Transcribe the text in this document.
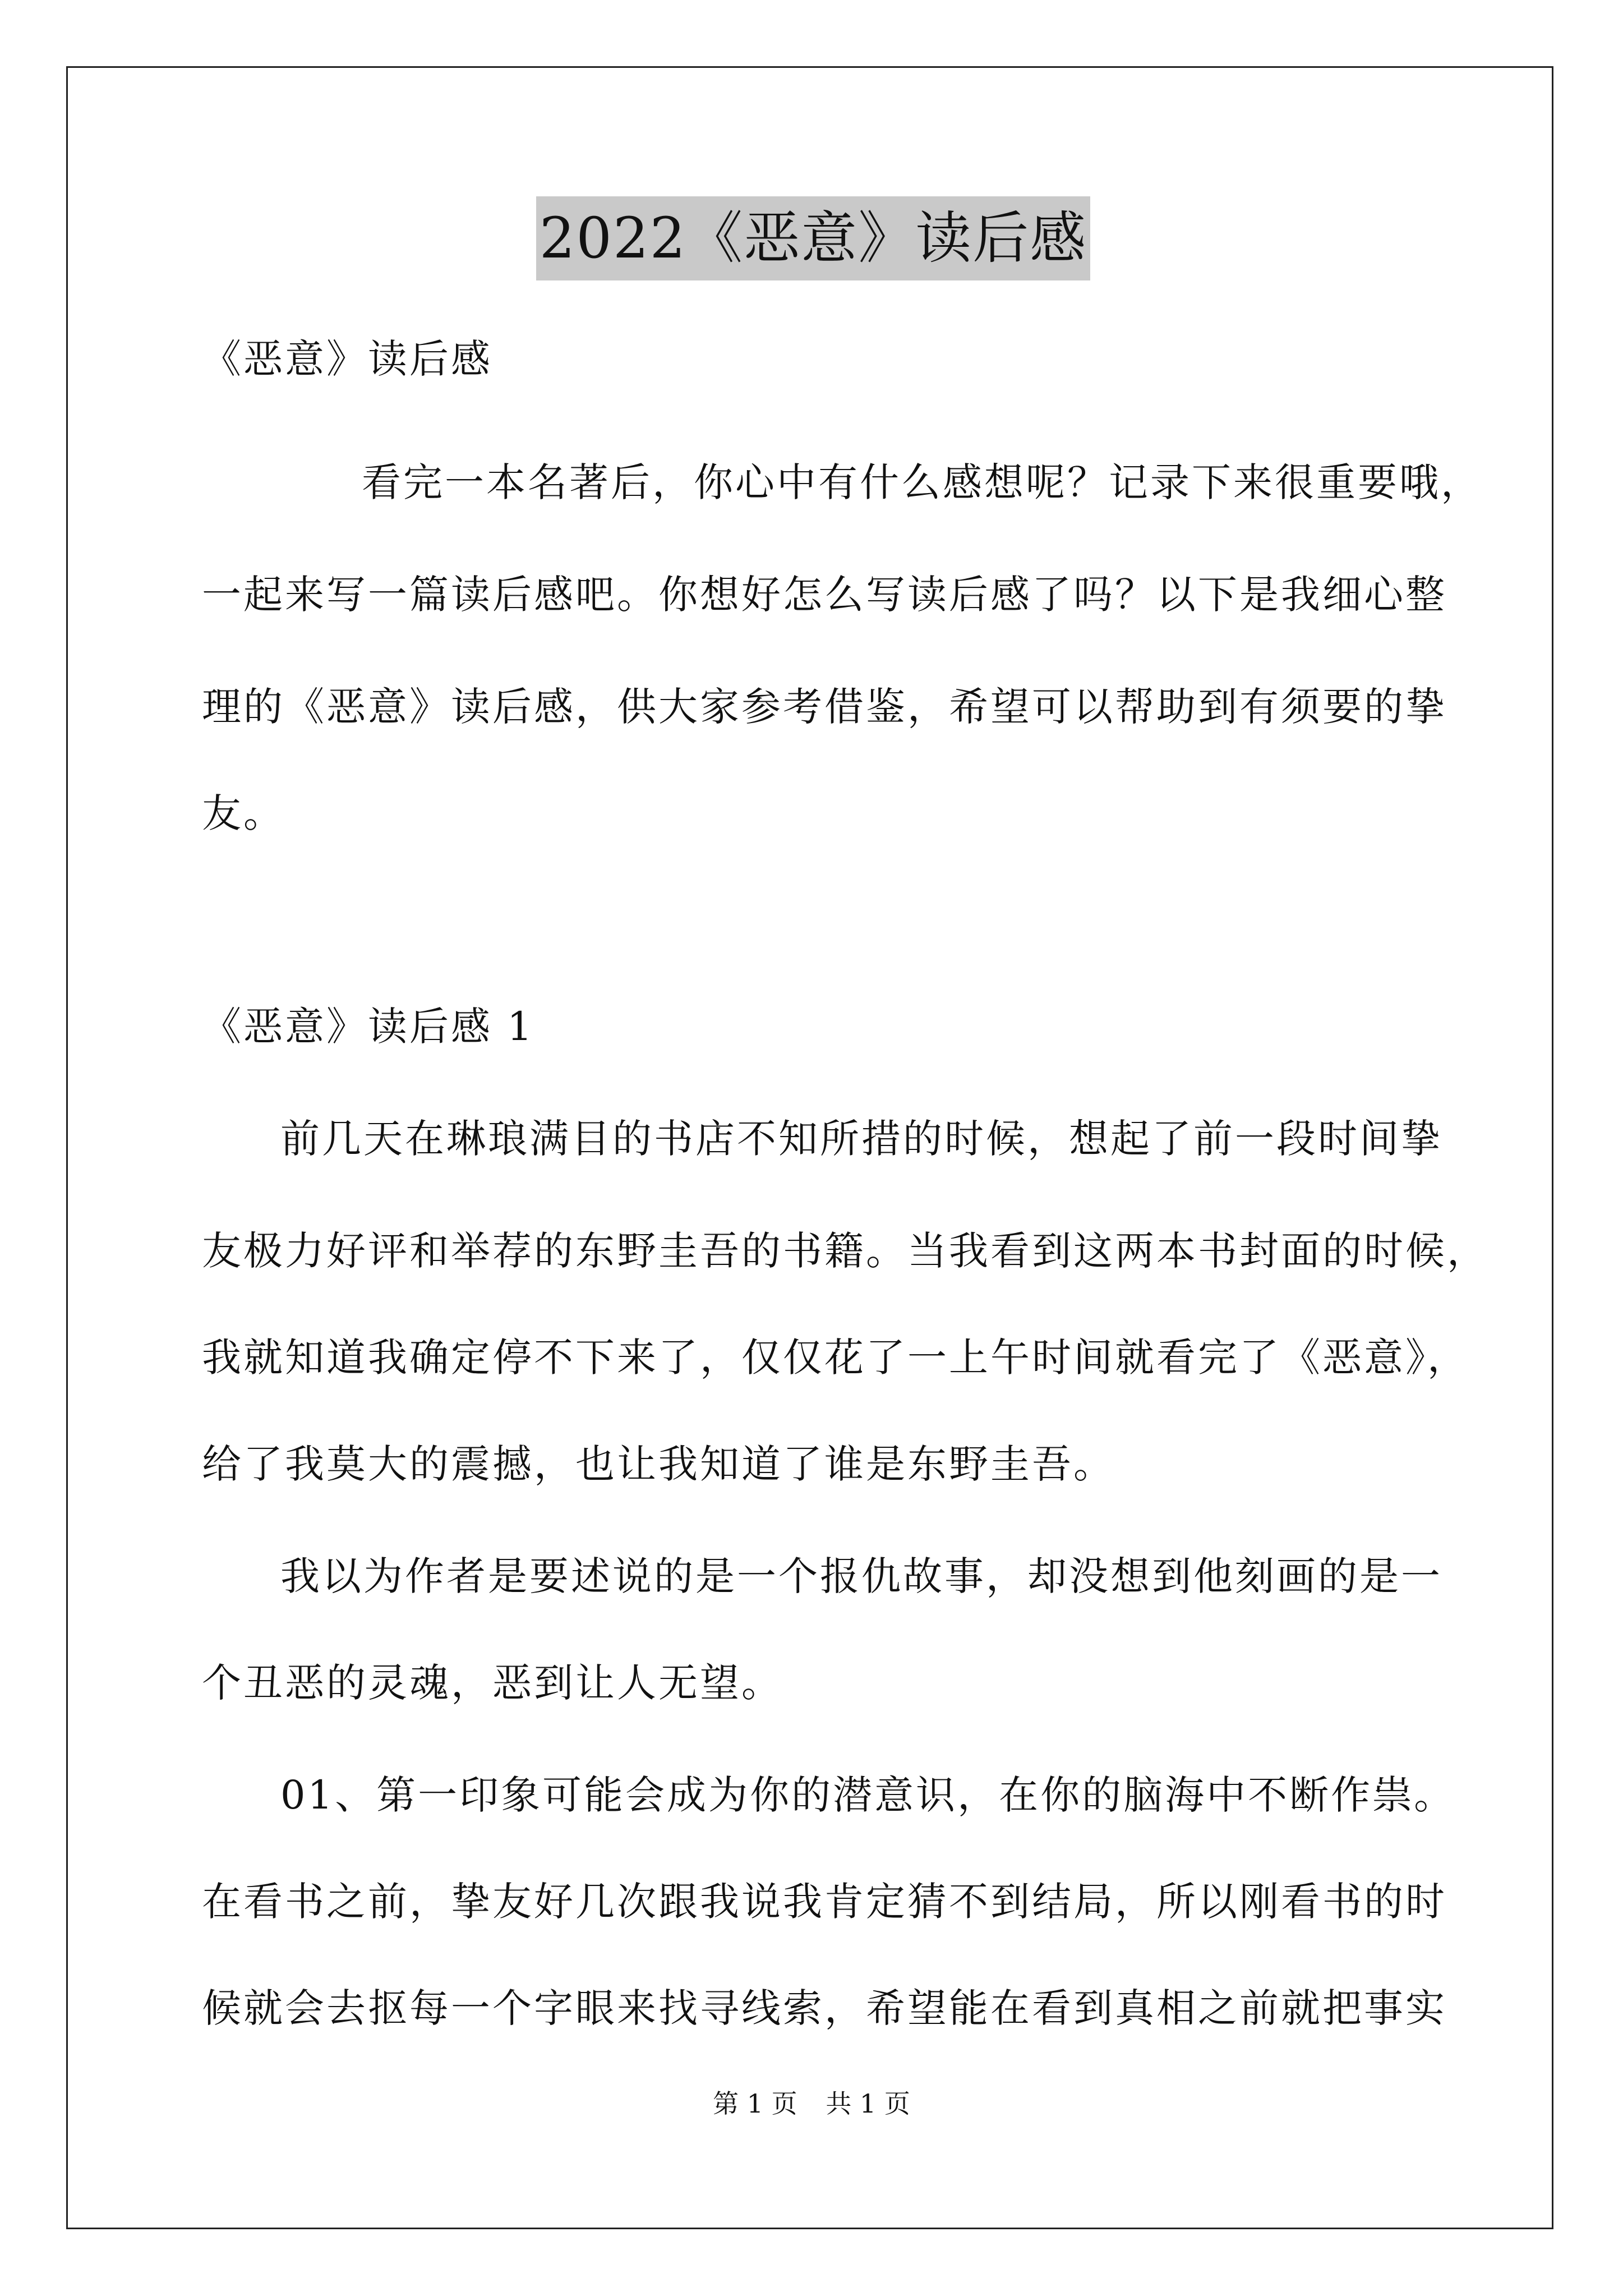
2022《恶意》读后感
《恶意》读后感
看完一本名著后，你心中有什么感想呢？记录下来很重要哦，
一起来写一篇读后感吧。你想好怎么写读后感了吗？以下是我细心整
理的《恶意》读后感，供大家参考借鉴，希望可以帮助到有须要的挚
友。
《恶意》读后感 1
前几天在琳琅满目的书店不知所措的时候，想起了前一段时间挚
友极力好评和举荐的东野圭吾的书籍。当我看到这两本书封面的时候，
我就知道我确定停不下来了，仅仅花了一上午时间就看完了《恶意》，
给了我莫大的震撼，也让我知道了谁是东野圭吾。
我以为作者是要述说的是一个报仇故事，却没想到他刻画的是一
个丑恶的灵魂，恶到让人无望。
01、第一印象可能会成为你的潜意识，在你的脑海中不断作祟。
在看书之前，挚友好几次跟我说我肯定猜不到结局，所以刚看书的时
候就会去抠每一个字眼来找寻线索，希望能在看到真相之前就把事实
第 1 页 共 1 页
